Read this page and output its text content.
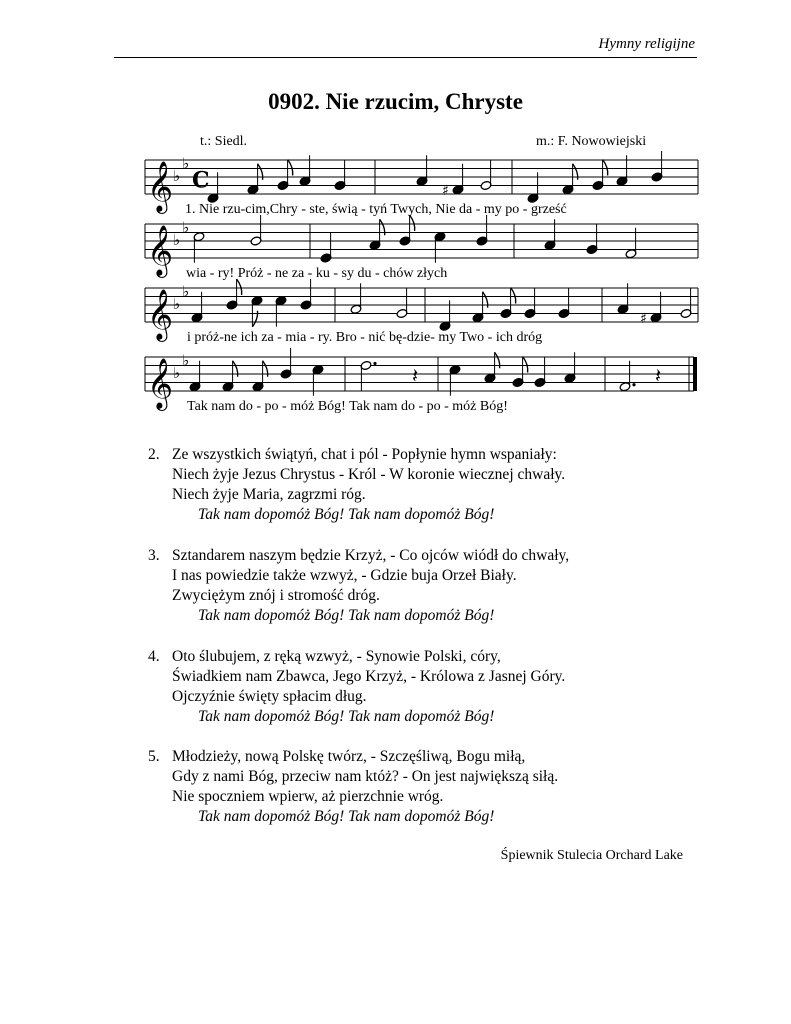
Hymny religijne
0902. Nie rzucim, Chryste
t.: Siedl.	m.: F. Nowowiejski
𝄞 ♭
♭
C	♯
𝄞 ♭
♭
𝄞 ♭
♭
♯
𝄞 ♭
♭
𝄽	𝄽
1. Nie rzu-cim,Chry - ste, świą - tyń Twych, Nie da - my po - grześć
wia - ry! Próż - ne za - ku - sy du - chów złych
i próż-ne ich za - mia - ry. Bro - nić bę-dzie- my Two - ich dróg
Tak nam do - po - móż Bóg! Tak nam do - po - móż Bóg!
2. Ze wszystkich świątyń, chat i pól - Popłynie hymn wspaniały:
Niech żyje Jezus Chrystus - Król - W koronie wiecznej chwały.
Niech żyje Maria, zagrzmi róg.
Tak nam dopomóż Bóg! Tak nam dopomóż Bóg!
3. Sztandarem naszym będzie Krzyż, - Co ojców wiódł do chwały,
I nas powiedzie także wzwyż, - Gdzie buja Orzeł Biały.
Zwyciężym znój i stromość dróg.
Tak nam dopomóż Bóg! Tak nam dopomóż Bóg!
4. Oto ślubujem, z ręką wzwyż, - Synowie Polski, córy,
Świadkiem nam Zbawca, Jego Krzyż, - Królowa z Jasnej Góry.
Ojczyźnie święty spłacim dług.
Tak nam dopomóż Bóg! Tak nam dopomóż Bóg!
5. Młodzieży, nową Polskę twórz, - Szczęśliwą, Bogu miłą,
Gdy z nami Bóg, przeciw nam któż? - On jest największą siłą.
Nie spoczniem wpierw, aż pierzchnie wróg.
Tak nam dopomóż Bóg! Tak nam dopomóż Bóg!
Śpiewnik Stulecia Orchard Lake
